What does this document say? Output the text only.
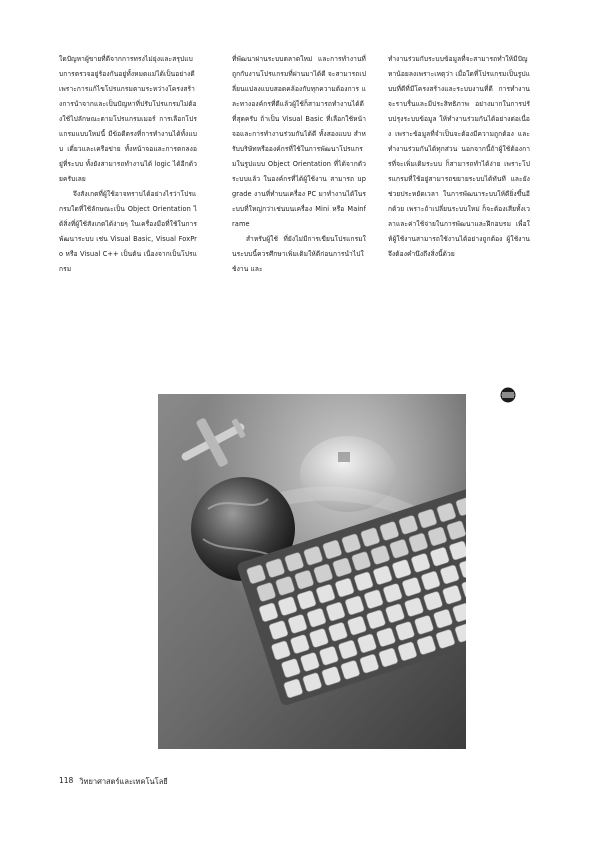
ใดปัญหาผู้ขายที่ดีจากการทรงไม่ยุ่งและสรุปแบบการตรวจอยู่ร้องกันอยู่ทั้งหมดแม่ได้เป็นอย่างดี เพราะการแก้ไขโปรแกรมตามระหว่างโครงสร้างการนำจากและเป็นปัญหาที่ปรับโปรแกรมไม่ต้องใช้ไปลักษณะตามโปรแกรมเมอร์ การเลือกโปรแกรมแบบใหม่นี้ มีข้อดีตรงที่การทำงานได้ทั้งแบบ เดี่ยวและเครือข่าย ทั้งหน้าจอและการตกลงอยู่ที่ระบบ ทั้งยังสามารถทำงานได้ logic ได้อีกด้วยครับเลย

จึงสังเกตที่ผู้ใช้อาจทราบได้อย่างไรว่าโปรแกรมใดที่ใช้ลักษณะเป็น Object Orientation ได้สิ่งที่ผู้ใช้สังเกตได้ง่ายๆ ในเครื่องมือที่ใช้ในการพัฒนาระบบ เช่น Visual Basic, Visual FoxPro หรือ Visual C++ เป็นต้น เนื่องจากเป็นโปรแกรม

ที่พัฒนาผ่านระบบตลาดใหม่ และการทำงานที่ถูกกับงานโปรแกรมที่ผ่านมาได้ดี จะสามารถเปลี่ยนแปลงแบบสอดคล้องกับทุกความต้องการ และทางองค์กรที่ดีแล้วผู้ใช้ก็สามารถทำงานได้ดีที่สุดครับ ถ้าเป็น Visual Basic ที่เลือกใช้หน้าจอและการทำงานร่วมกันได้ดี ทั้งสองแบบ สำหรับบริษัทหรือองค์กรที่ใช้ในการพัฒนาโปรแกรมในรูปแบบ Object Orientation ที่ได้จากตัวระบบแล้ว ในองค์กรที่ได้ผู้ใช้งาน สามารถ upgrade งานที่ทำบนเครื่อง PC มาทำงานได้ในระบบที่ใหญ่กว่าเช่นบนเครื่อง Mini หรือ Mainframe

สำหรับผู้ใช้ ที่ยังไม่มีการเขียนโปรแกรมในระบบนี้ควรศึกษาเพิ่มเติมให้ดีก่อนการนำไปใช้งาน และ

ทำงานร่วมกับระบบข้อมูลที่จะสามารถทำให้มีปัญหาน้อยลงเพราะเหตุว่า เมื่อใดที่โปรแกรมเป็นรูปแบบที่ดีที่มีโครงสร้างและระบบงานที่ดี การทำงานจะราบรื่นและมีประสิทธิภาพ อย่างมากในการปรับปรุงระบบข้อมูล ให้ทำงานร่วมกันได้อย่างต่อเนื่อง เพราะข้อมูลที่จำเป็นจะต้องมีความถูกต้อง และทำงานร่วมกันได้ทุกส่วน นอกจากนี้ถ้าผู้ใช้ต้องการที่จะเพิ่มเติมระบบ ก็สามารถทำได้ง่าย เพราะโปรแกรมที่ใช้อยู่สามารถขยายระบบได้ทันที และยังช่วยประหยัดเวลา ในการพัฒนาระบบให้ดียิ่งขึ้นอีกด้วย เพราะถ้าเปลี่ยนระบบใหม่ ก็จะต้องเสียทั้งเวลาและค่าใช้จ่ายในการพัฒนาและฝึกอบรม เพื่อให้ผู้ใช้งานสามารถใช้งานได้อย่างถูกต้อง ผู้ใช้งานจึงต้องคำนึงถึงสิ่งนี้ด้วย

118 วิทยาศาสตร์และเทคโนโลยี
